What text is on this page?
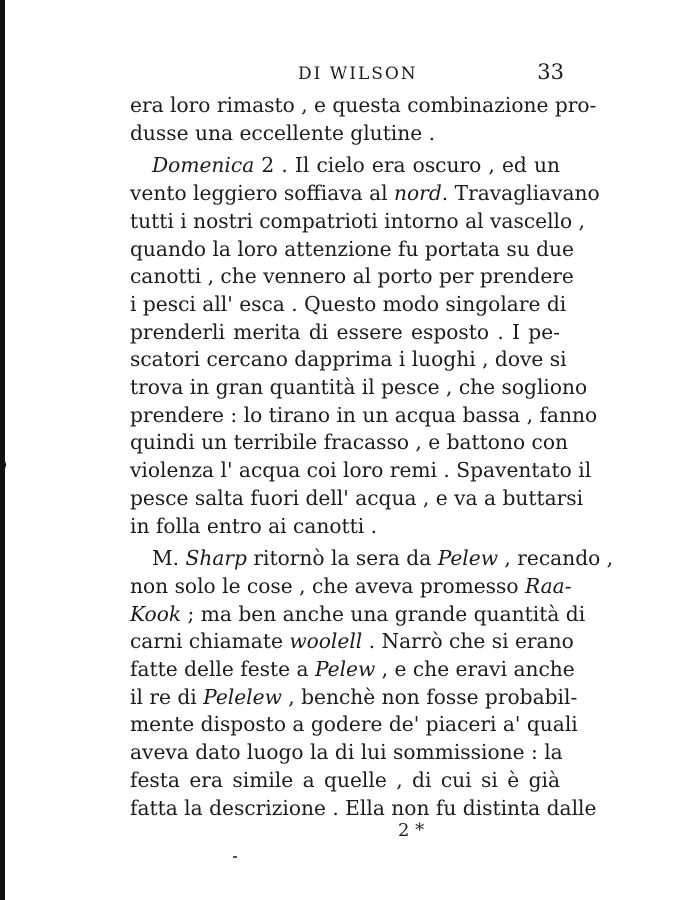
⟩
DI WILSON	33
era loro rimasto , e questa combinazione pro-
dusse una eccellente glutine .
Domenica 2 . Il cielo era oscuro , ed un
vento leggiero soffiava al nord. Travagliavano
tutti i nostri compatrioti intorno al vascello ,
quando la loro attenzione fu portata su due
canotti , che vennero al porto per prendere
i pesci all' esca . Questo modo singolare di
prenderli merita di essere esposto . I pe-
scatori cercano dapprima i luoghi , dove si
trova in gran quantità il pesce , che sogliono
prendere : lo tirano in un acqua bassa , fanno
quindi un terribile fracasso , e battono con
violenza l' acqua coi loro remi . Spaventato il
pesce salta fuori dell' acqua , e va a buttarsi
in folla entro ai canotti .
M. Sharp ritornò la sera da Pelew , recando ,
non solo le cose , che aveva promesso Raa-
Kook ; ma ben anche una grande quantità di
carni chiamate woolell . Narrò che si erano
fatte delle feste a Pelew , e che eravi anche
il re di Pelelew , benchè non fosse probabil-
mente disposto a godere de' piaceri a' quali
aveva dato luogo la di lui sommissione : la
festa era simile a quelle , di cui si è già
fatta la descrizione . Ella non fu distinta dalle
2 *
